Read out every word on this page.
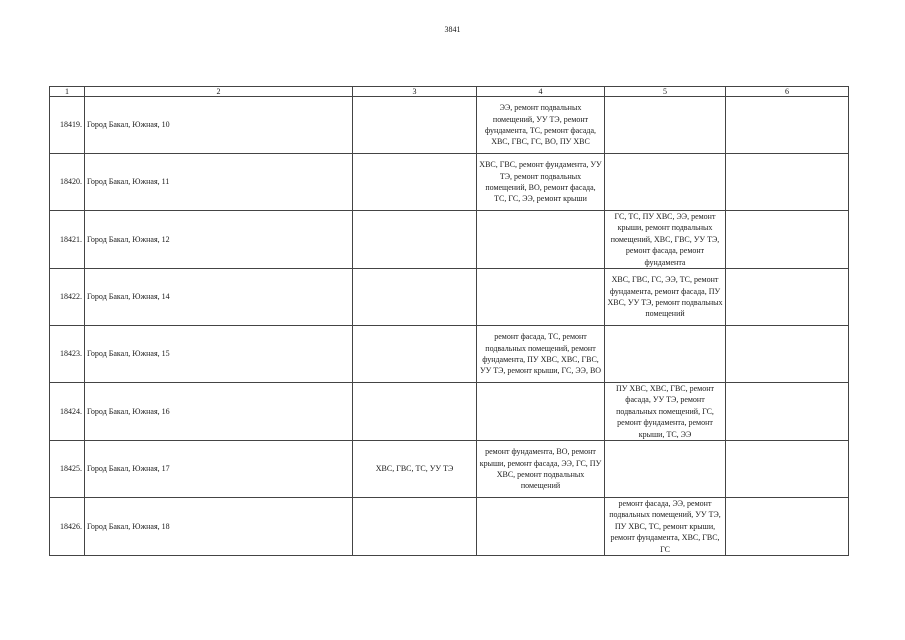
3841
1	2	3	4	5	6
18419.	Город Бакал, Южная, 10		ЭЭ, ремонт подвальных помещений, УУ ТЭ, ремонт фундамента, ТС, ремонт фасада, ХВС, ГВС, ГС, ВО, ПУ ХВС		
18420.	Город Бакал, Южная, 11		ХВС, ГВС, ремонт фундамента, УУ ТЭ, ремонт подвальных помещений, ВО, ремонт фасада, ТС, ГС, ЭЭ, ремонт крыши		
18421.	Город Бакал, Южная, 12			ГС, ТС, ПУ ХВС, ЭЭ, ремонт крыши, ремонт подвальных помещений, ХВС, ГВС, УУ ТЭ, ремонт фасада, ремонт фундамента	
18422.	Город Бакал, Южная, 14			ХВС, ГВС, ГС, ЭЭ, ТС, ремонт фундамента, ремонт фасада, ПУ ХВС, УУ ТЭ, ремонт подвальных помещений	
18423.	Город Бакал, Южная, 15		ремонт фасада, ТС, ремонт подвальных помещений, ремонт фундамента, ПУ ХВС, ХВС, ГВС, УУ ТЭ, ремонт крыши, ГС, ЭЭ, ВО		
18424.	Город Бакал, Южная, 16			ПУ ХВС, ХВС, ГВС, ремонт фасада, УУ ТЭ, ремонт подвальных помещений, ГС, ремонт фундамента, ремонт крыши, ТС, ЭЭ	
18425.	Город Бакал, Южная, 17	ХВС, ГВС, ТС, УУ ТЭ	ремонт фундамента, ВО, ремонт крыши, ремонт фасада, ЭЭ, ГС, ПУ ХВС, ремонт подвальных помещений		
18426.	Город Бакал, Южная, 18			ремонт фасада, ЭЭ, ремонт подвальных помещений, УУ ТЭ, ПУ ХВС, ТС, ремонт крыши, ремонт фундамента, ХВС, ГВС, ГС	
